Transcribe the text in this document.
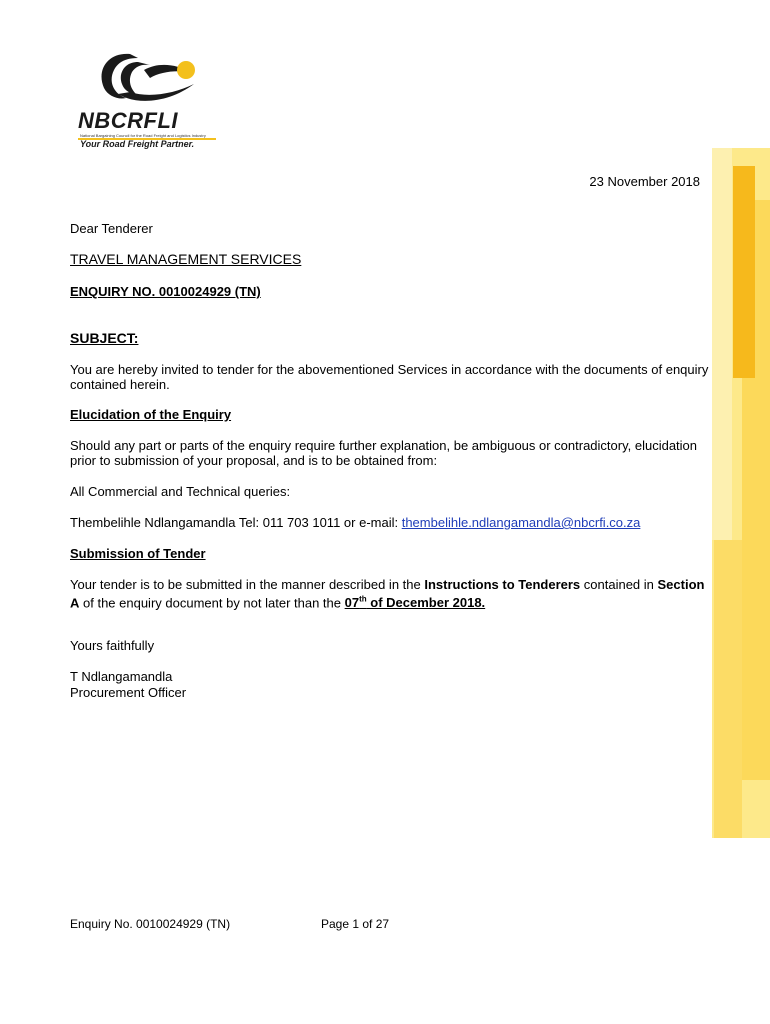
NBCRFLI
National Bargaining Council for the Road Freight and Logistics Industry
Your Road Freight Partner.
23 November 2018
Dear Tenderer
TRAVEL MANAGEMENT SERVICES
ENQUIRY NO. 0010024929 (TN)
SUBJECT:

You are hereby invited to tender for the abovementioned Services in accordance with the documents of enquiry contained herein.

Elucidation of the Enquiry

Should any part or parts of the enquiry require further explanation, be ambiguous or contradictory, elucidation prior to submission of your proposal, and is to be obtained from:

All Commercial and Technical queries:

Thembelihle Ndlangamandla Tel: 011 703 1011 or e-mail: thembelihle.ndlangamandla@nbcrfi.co.za

Submission of Tender

Your tender is to be submitted in the manner described in the Instructions to Tenderers contained in Section A of the enquiry document by not later than the 07th of December 2018.

Yours faithfully
T Ndlangamandla
Procurement Officer
Enquiry No. 0010024929 (TN)	Page 1 of 27
